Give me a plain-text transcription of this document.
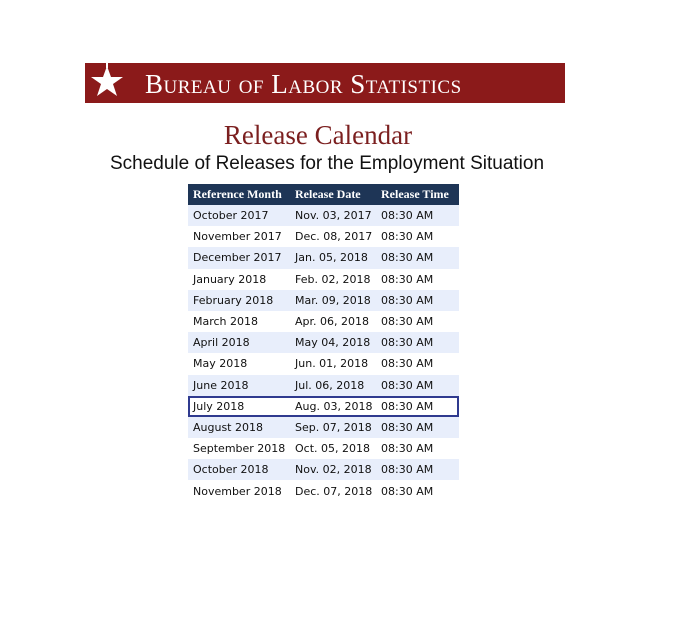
Bureau of Labor Statistics
Release Calendar
Schedule of Releases for the Employment Situation
Reference Month	Release Date	Release Time
October 2017	Nov. 03, 2017 08:30 AM
November 2017	Dec. 08, 2017 08:30 AM
December 2017	Jan. 05, 2018	08:30 AM
January 2018	Feb. 02, 2018 08:30 AM
February 2018	Mar. 09, 2018 08:30 AM
March 2018	Apr. 06, 2018	08:30 AM
April 2018	May 04, 2018 08:30 AM
May 2018	Jun. 01, 2018	08:30 AM
June 2018	Jul. 06, 2018	08:30 AM
July 2018	Aug. 03, 2018 08:30 AM
August 2018	Sep. 07, 2018 08:30 AM
September 2018 Oct. 05, 2018	08:30 AM
October 2018	Nov. 02, 2018 08:30 AM
November 2018	Dec. 07, 2018 08:30 AM
